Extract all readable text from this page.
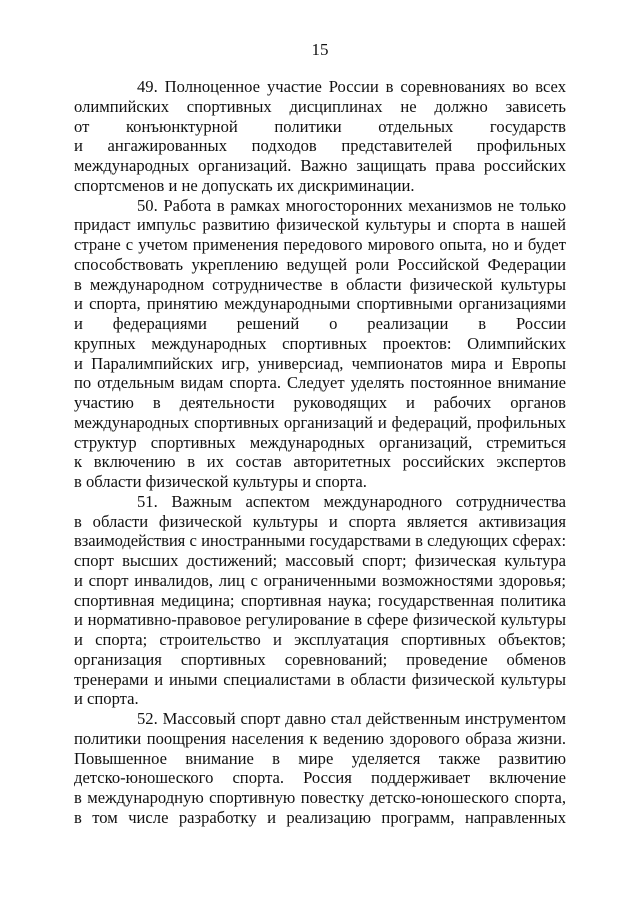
15
49. Полноценное участие России в соревнованиях во всех
олимпийских спортивных дисциплинах не должно зависеть
от конъюнктурной политики отдельных государств
и ангажированных подходов представителей профильных
международных организаций. Важно защищать права российских
спортсменов и не допускать их дискриминации.
50. Работа в рамках многосторонних механизмов не только
придаст импульс развитию физической культуры и спорта в нашей
стране с учетом применения передового мирового опыта, но и будет
способствовать укреплению ведущей роли Российской Федерации
в международном сотрудничестве в области физической культуры
и спорта, принятию международными спортивными организациями
и федерациями решений о реализации в России
крупных международных спортивных проектов: Олимпийских
и Паралимпийских игр, универсиад, чемпионатов мира и Европы
по отдельным видам спорта. Следует уделять постоянное внимание
участию в деятельности руководящих и рабочих органов
международных спортивных организаций и федераций, профильных
структур спортивных международных организаций, стремиться
к включению в их состав авторитетных российских экспертов
в области физической культуры и спорта.
51. Важным аспектом международного сотрудничества
в области физической культуры и спорта является активизация
взаимодействия с иностранными государствами в следующих сферах:
спорт высших достижений; массовый спорт; физическая культура
и спорт инвалидов, лиц с ограниченными возможностями здоровья;
спортивная медицина; спортивная наука; государственная политика
и нормативно-правовое регулирование в сфере физической культуры
и спорта; строительство и эксплуатация спортивных объектов;
организация спортивных соревнований; проведение обменов
тренерами и иными специалистами в области физической культуры
и спорта.
52. Массовый спорт давно стал действенным инструментом
политики поощрения населения к ведению здорового образа жизни.
Повышенное внимание в мире уделяется также развитию
детско-юношеского спорта. Россия поддерживает включение
в международную спортивную повестку детско-юношеского спорта,
в том числе разработку и реализацию программ, направленных
